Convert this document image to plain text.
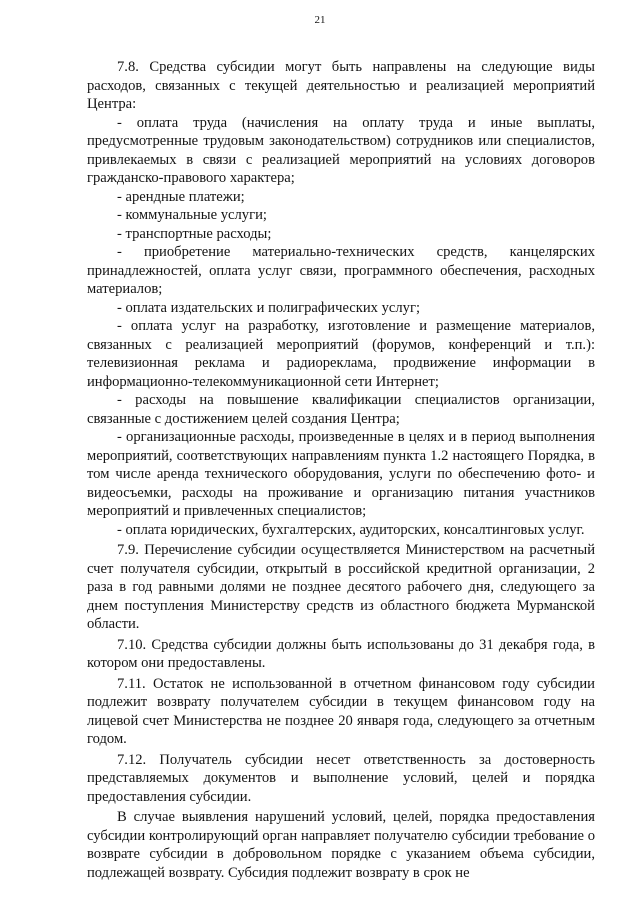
21

7.8. Средства субсидии могут быть направлены на следующие виды расходов, связанных с текущей деятельностью и реализацией мероприятий Центра:

- оплата труда (начисления на оплату труда и иные выплаты, предусмотренные трудовым законодательством) сотрудников или специалистов, привлекаемых в связи с реализацией мероприятий на условиях договоров гражданско-правового характера;

- арендные платежи;

- коммунальные услуги;

- транспортные расходы;

- приобретение материально-технических средств, канцелярских принадлежностей, оплата услуг связи, программного обеспечения, расходных материалов;

- оплата издательских и полиграфических услуг;

- оплата услуг на разработку, изготовление и размещение материалов, связанных с реализацией мероприятий (форумов, конференций и т.п.): телевизионная реклама и радиореклама, продвижение информации в информационно-телекоммуникационной сети Интернет;

- расходы на повышение квалификации специалистов организации, связанные с достижением целей создания Центра;

- организационные расходы, произведенные в целях и в период выполнения мероприятий, соответствующих направлениям пункта 1.2 настоящего Порядка, в том числе аренда технического оборудования, услуги по обеспечению фото- и видеосъемки, расходы на проживание и организацию питания участников мероприятий и привлеченных специалистов;

- оплата юридических, бухгалтерских, аудиторских, консалтинговых услуг.

7.9. Перечисление субсидии осуществляется Министерством на расчетный счет получателя субсидии, открытый в российской кредитной организации, 2 раза в год равными долями не позднее десятого рабочего дня, следующего за днем поступления Министерству средств из областного бюджета Мурманской области.

7.10. Средства субсидии должны быть использованы до 31 декабря года, в котором они предоставлены.

7.11. Остаток не использованной в отчетном финансовом году субсидии подлежит возврату получателем субсидии в текущем финансовом году на лицевой счет Министерства не позднее 20 января года, следующего за отчетным годом.

7.12. Получатель субсидии несет ответственность за достоверность представляемых документов и выполнение условий, целей и порядка предоставления субсидии.

В случае выявления нарушений условий, целей, порядка предоставления субсидии контролирующий орган направляет получателю субсидии требование о возврате субсидии в добровольном порядке с указанием объема субсидии, подлежащей возврату. Субсидия подлежит возврату в срок не
